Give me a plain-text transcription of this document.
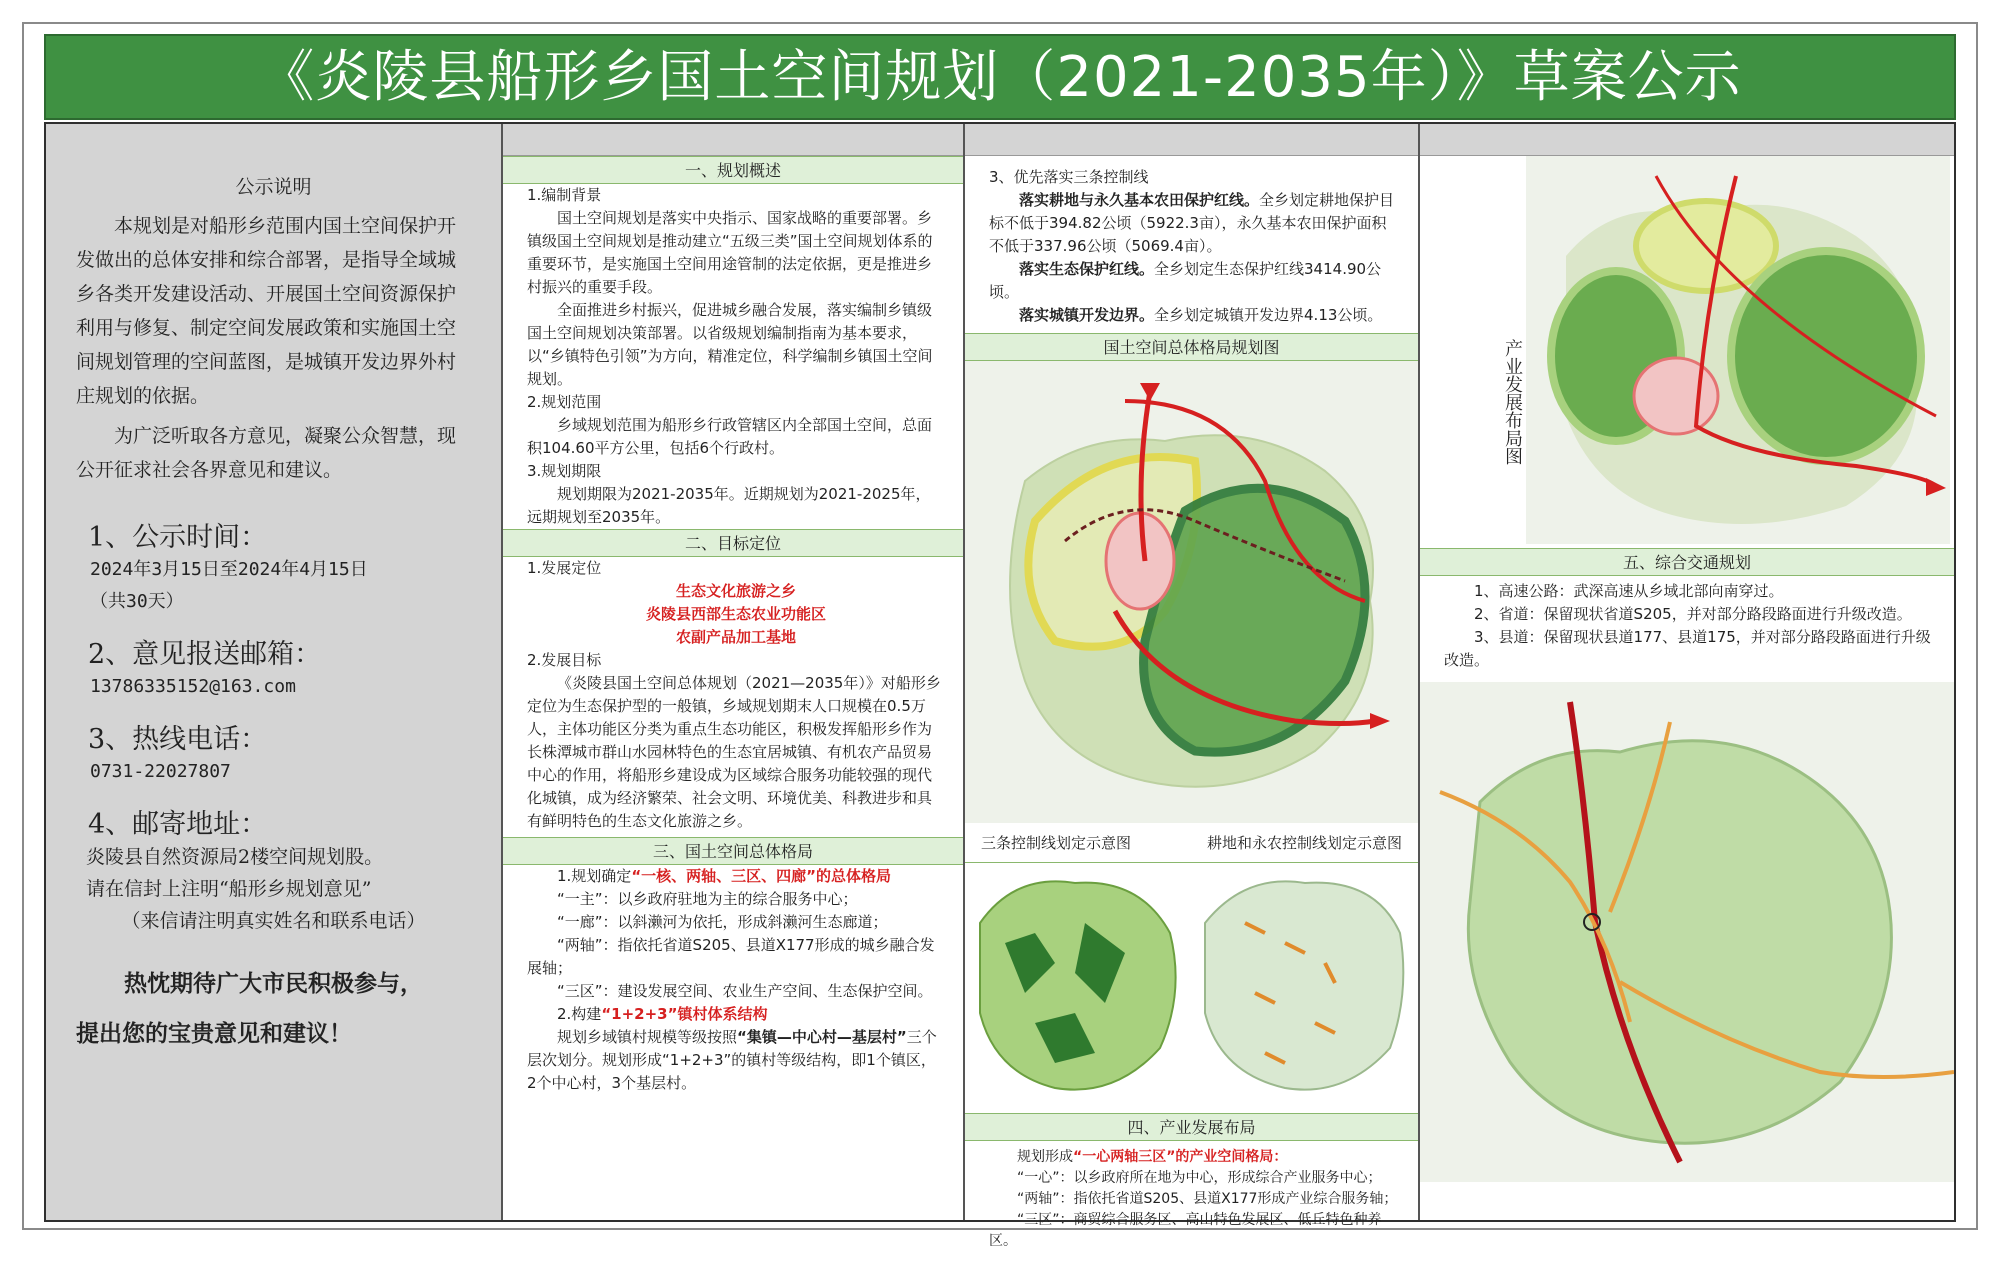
《炎陵县船形乡国土空间规划（2021-2035年）》草案公示
公示说明

本规划是对船形乡范围内国土空间保护开发做出的总体安排和综合部署，是指导全域城乡各类开发建设活动、开展国土空间资源保护利用与修复、制定空间发展政策和实施国土空间规划管理的空间蓝图，是城镇开发边界外村庄规划的依据。

为广泛听取各方意见，凝聚公众智慧，现公开征求社会各界意见和建议。

1、公示时间：
2024年3月15日至2024年4月15日
（共30天）
2、意见报送邮箱：
13786335152@163.com
3、热线电话：
0731-22027807
4、邮寄地址：
炎陵县自然资源局2楼空间规划股。
请在信封上注明“船形乡规划意见”
（来信请注明真实姓名和联系电话）
热忱期待广大市民积极参与，
提出您的宝贵意见和建议！
一、规划概述
1.编制背景
国土空间规划是落实中央指示、国家战略的重要部署。乡镇级国土空间规划是推动建立“五级三类”国土空间规划体系的重要环节，是实施国土空间用途管制的法定依据，更是推进乡村振兴的重要手段。
全面推进乡村振兴，促进城乡融合发展，落实编制乡镇级国土空间规划决策部署。以省级规划编制指南为基本要求，以“乡镇特色引领”为方向，精准定位，科学编制乡镇国土空间规划。
2.规划范围
乡域规划范围为船形乡行政管辖区内全部国土空间，总面积104.60平方公里，包括6个行政村。
3.规划期限
规划期限为2021-2035年。近期规划为2021-2025年，远期规划至2035年。
二、目标定位
1.发展定位
生态文化旅游之乡
炎陵县西部生态农业功能区
农副产品加工基地
2.发展目标
《炎陵县国土空间总体规划（2021—2035年）》对船形乡定位为生态保护型的一般镇，乡域规划期末人口规模在0.5万人，主体功能区分类为重点生态功能区，积极发挥船形乡作为长株潭城市群山水园林特色的生态宜居城镇、有机农产品贸易中心的作用，将船形乡建设成为区域综合服务功能较强的现代化城镇，成为经济繁荣、社会文明、环境优美、科教进步和具有鲜明特色的生态文化旅游之乡。
三、国土空间总体格局
1.规划确定“一核、两轴、三区、四廊”的总体格局
“一主”：以乡政府驻地为主的综合服务中心；
“一廊”：以斜濑河为依托，形成斜濑河生态廊道；
“两轴”：指依托省道S205、县道X177形成的城乡融合发展轴；
“三区”：建设发展空间、农业生产空间、生态保护空间。
2.构建“1+2+3”镇村体系结构
规划乡域镇村规模等级按照“集镇—中心村—基层村”三个层次划分。规划形成“1+2+3”的镇村等级结构，即1个镇区，2个中心村，3个基层村。
3、优先落实三条控制线
落实耕地与永久基本农田保护红线。全乡划定耕地保护目标不低于394.82公顷（5922.3亩），永久基本农田保护面积不低于337.96公顷（5069.4亩）。
落实生态保护红线。全乡划定生态保护红线3414.90公顷。
落实城镇开发边界。全乡划定城镇开发边界4.13公顷。
国土空间总体格局规划图
三条控制线划定示意图	耕地和永农控制线划定示意图
四、产业发展布局
规划形成“一心两轴三区”的产业空间格局：
“一心”：以乡政府所在地为中心，形成综合产业服务中心；
“两轴”：指依托省道S205、县道X177形成产业综合服务轴；
“三区”：商贸综合服务区、高山特色发展区、低丘特色种养区。
产业发展布局图
五、综合交通规划
1、高速公路：武深高速从乡域北部向南穿过。
2、省道：保留现状省道S205，并对部分路段路面进行升级改造。
3、县道：保留现状县道177、县道175，并对部分路段路面进行升级改造。
